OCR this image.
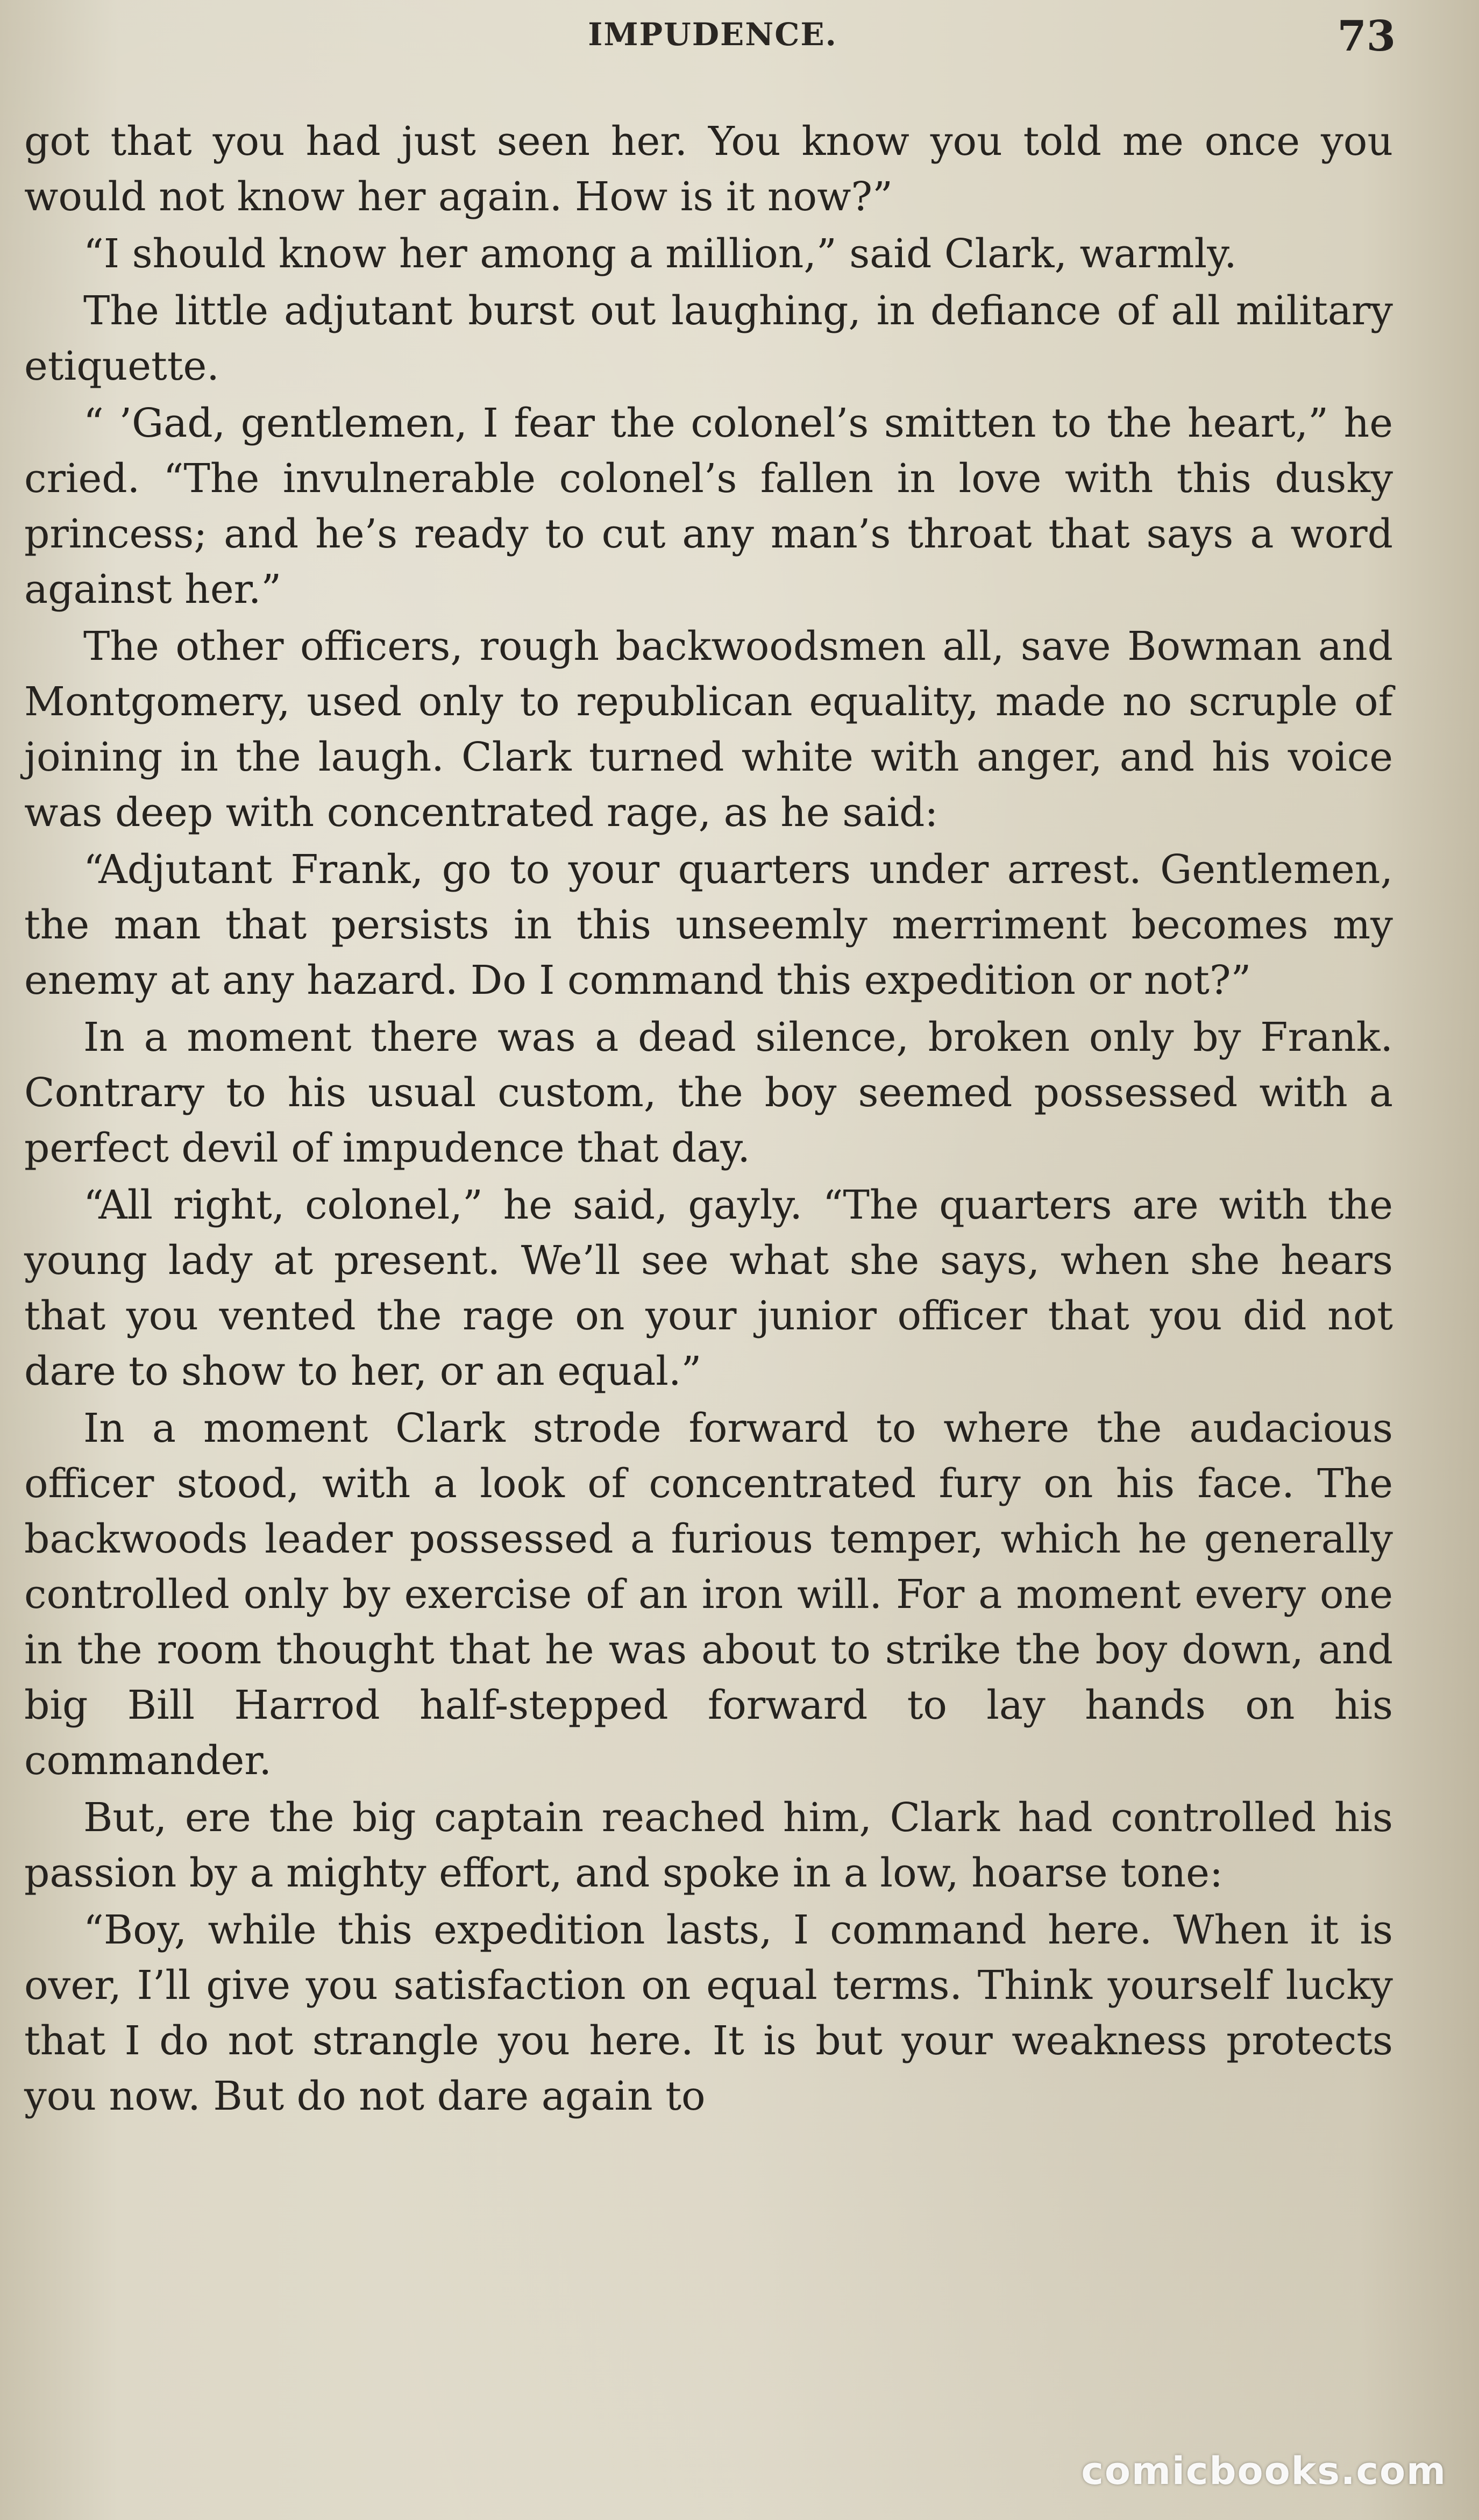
IMPUDENCE.	73

got that you had just seen her. You know you told me once you would not know her again. How is it now?”

“I should know her among a million,” said Clark, warmly.

The little adjutant burst out laughing, in defiance of all military etiquette.

“ ’Gad, gentlemen, I fear the colonel’s smitten to the heart,” he cried. “The invulnerable colonel’s fallen in love with this dusky princess; and he’s ready to cut any man’s throat that says a word against her.”

The other officers, rough backwoodsmen all, save Bowman and Montgomery, used only to republican equality, made no scruple of joining in the laugh. Clark turned white with anger, and his voice was deep with concentrated rage, as he said:

“Adjutant Frank, go to your quarters under arrest. Gentlemen, the man that persists in this unseemly merriment becomes my enemy at any hazard. Do I command this expedition or not?”

In a moment there was a dead silence, broken only by Frank. Contrary to his usual custom, the boy seemed possessed with a perfect devil of impudence that day.

“All right, colonel,” he said, gayly. “The quarters are with the young lady at present. We’ll see what she says, when she hears that you vented the rage on your junior officer that you did not dare to show to her, or an equal.”

In a moment Clark strode forward to where the audacious officer stood, with a look of concentrated fury on his face. The backwoods leader possessed a furious temper, which he generally controlled only by exercise of an iron will. For a moment every one in the room thought that he was about to strike the boy down, and big Bill Harrod half-stepped forward to lay hands on his commander.

But, ere the big captain reached him, Clark had controlled his passion by a mighty effort, and spoke in a low, hoarse tone:

“Boy, while this expedition lasts, I command here. When it is over, I’ll give you satisfaction on equal terms. Think yourself lucky that I do not strangle you here. It is but your weakness protects you now. But do not dare again to

comicbooks.com
